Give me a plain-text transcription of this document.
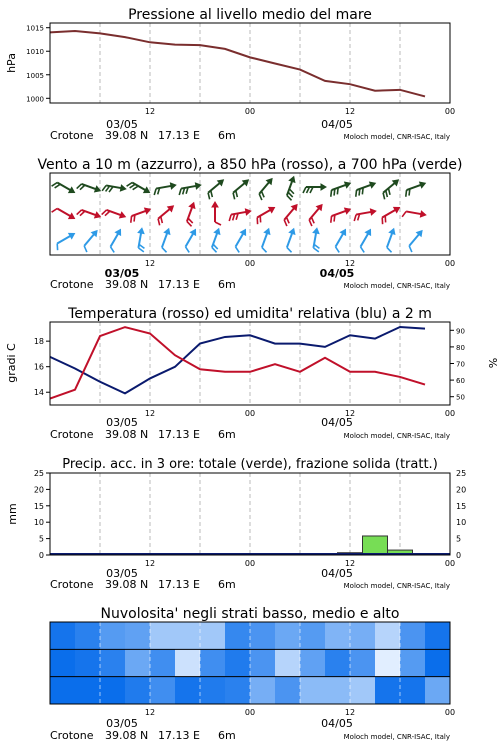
Pressione al livello medio del mare
hPa
1000
1005
1010
1015
12	00	12	00
03/05	04/05
Crotone 39.08 N 17.13 E 6m	Moloch model, CNR-ISAC, Italy
Vento a 10 m (azzurro), a 850 hPa (rosso), a 700 hPa (verde)
12	00	12	00
03/05	04/05
Crotone 39.08 N 17.13 E 6m	Moloch model, CNR-ISAC, Italy
Temperatura (rosso) ed umidita' relativa (blu) a 2 m
gradi C	%
14
16
18
50
60
70
80
90
12	00	12	00
03/05	04/05
Crotone 39.08 N 17.13 E 6m	Moloch model, CNR-ISAC, Italy
Precip. acc. in 3 ore: totale (verde), frazione solida (tratt.)
mm
0
5
10
15
20
25
0
5
10
15
20
25
12	00	12	00
03/05	04/05
Crotone 39.08 N 17.13 E 6m	Moloch model, CNR-ISAC, Italy
Nuvolosita' negli strati basso, medio e alto
12	00	12	00
03/05	04/05
Crotone 39.08 N 17.13 E 6m	Moloch model, CNR-ISAC, Italy
